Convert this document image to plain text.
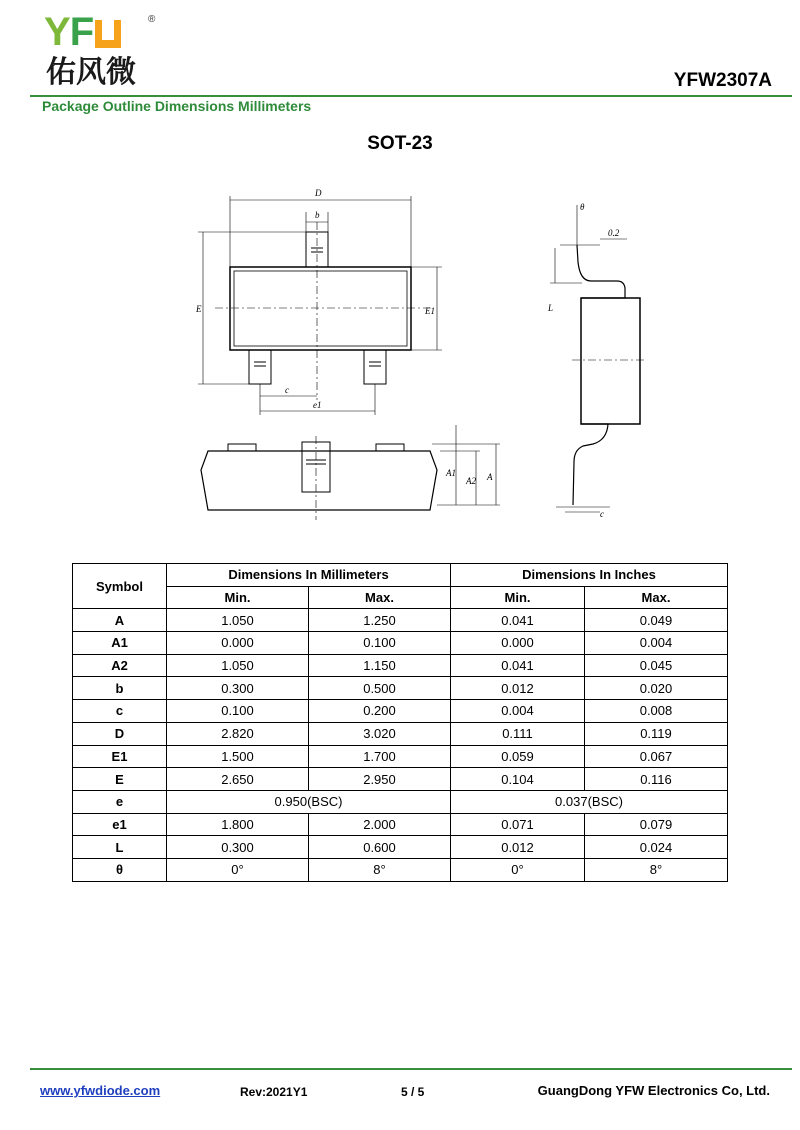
YF	®
佑风微	YFW2307A
Package Outline Dimensions Millimeters
SOT-23
D
b
E	E1
c
e1
A1
A2 A
θ
0.2
L
c
Symbol	Dimensions In Millimeters		Dimensions In Inches	
	Min.	Max.	Min.	Max.
A	1.050	1.250	0.041	0.049
A1	0.000	0.100	0.000	0.004
A2	1.050	1.150	0.041	0.045
b	0.300	0.500	0.012	0.020
c	0.100	0.200	0.004	0.008
D	2.820	3.020	0.111	0.119
E1	1.500	1.700	0.059	0.067
E	2.650	2.950	0.104	0.116
e	0.950(BSC)		0.037(BSC)	
e1	1.800	2.000	0.071	0.079
L	0.300	0.600	0.012	0.024
θ	0°	8°	0°	8°
www.yfwdiode.com	Rev:2021Y1	5 / 5	GuangDong YFW Electronics Co, Ltd.
